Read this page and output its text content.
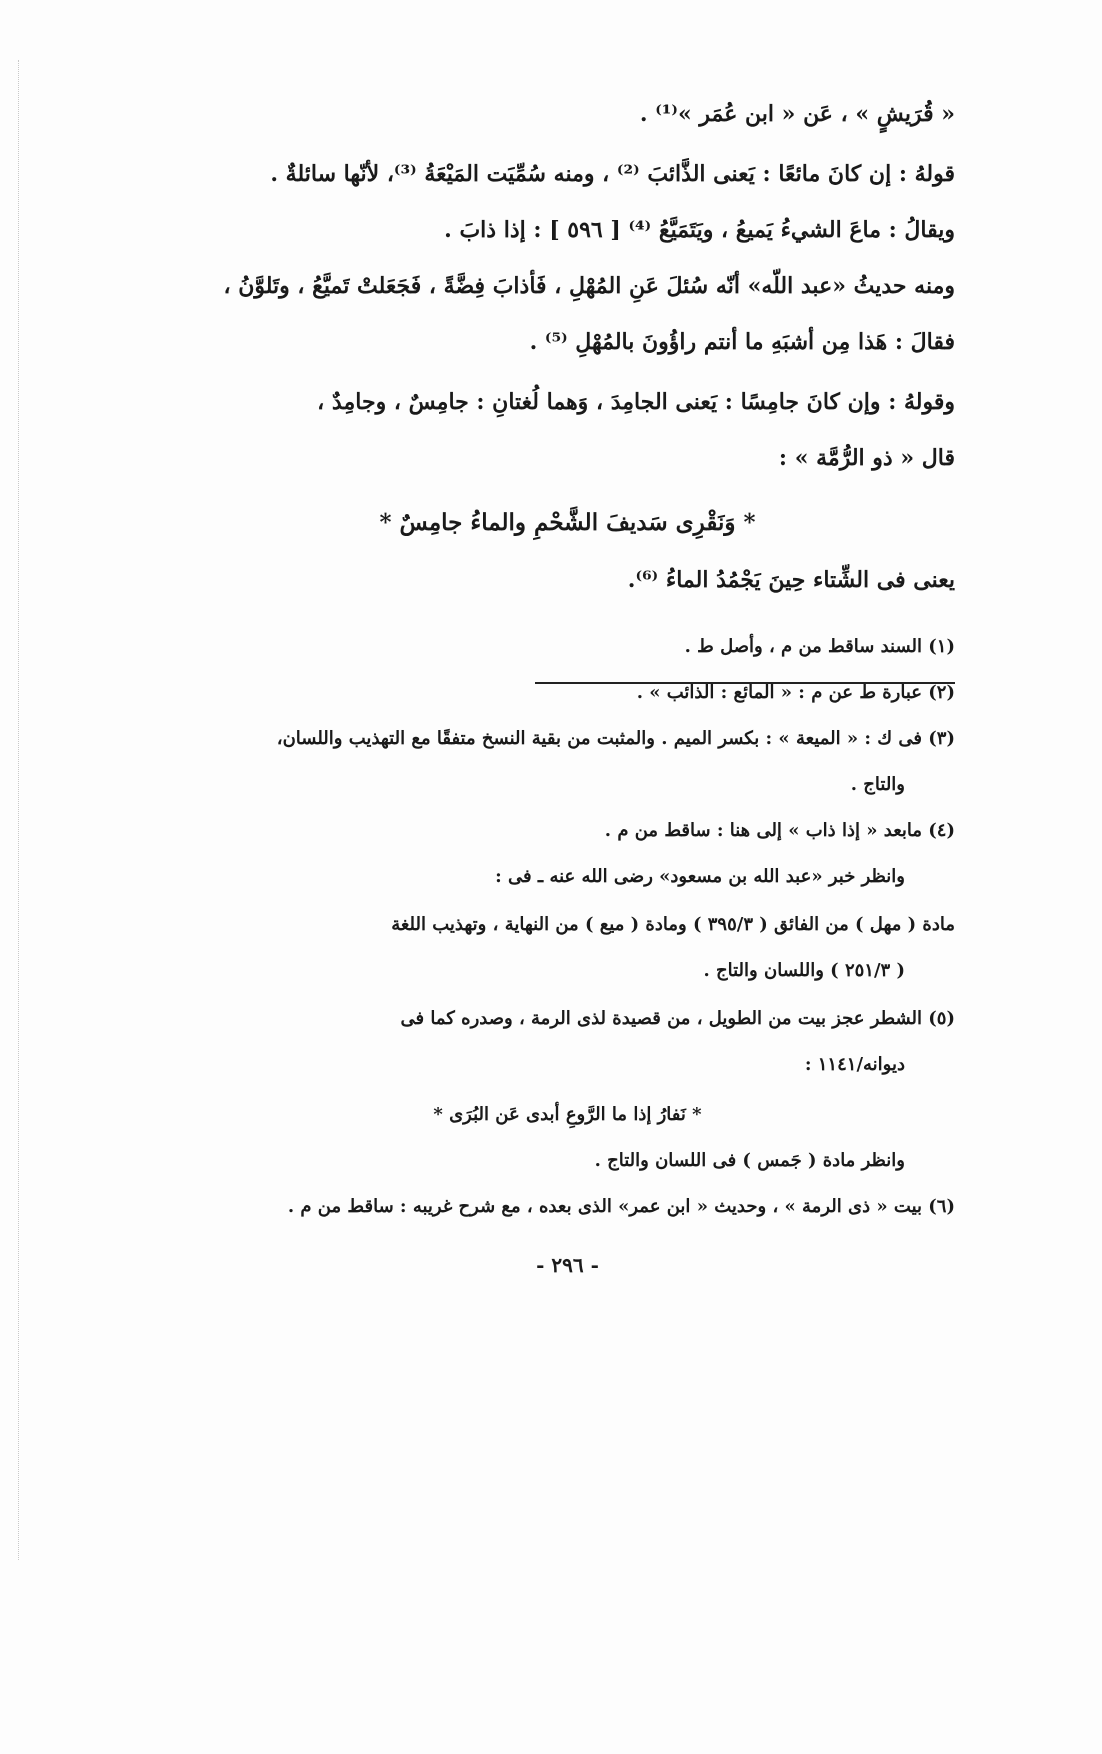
« قُرَيشٍ » ، عَن « ابن عُمَر »⁽¹⁾ .
قولهُ : إن كانَ مائعًا : يَعنى الذَّائبَ ⁽²⁾ ، ومنه سُمِّيَت المَيْعَةُ ⁽³⁾، لأنّها سائلةٌ .
ويقالُ : ماعَ الشيءُ يَميعُ ، ويَتَمَيَّعُ ⁽⁴⁾ [ ٥٩٦ ] : إذا ذابَ .
ومنه حديثُ «عبد اللّه» أنّه سُئلَ عَنِ المُهْلِ ، فَأذابَ فِضَّةً ، فَجَعَلتْ تَميَّعُ ، وتَلوَّنُ ،
فقالَ : هَذا مِن أشبَهِ ما أنتم راؤُونَ بالمُهْلِ ⁽⁵⁾ .
وقولهُ : وإن كانَ جامِسًا : يَعنى الجامِدَ ، وَهما لُغتانِ : جامِسٌ ، وجامِدٌ ،
قال « ذو الرُّمَّة » :
* وَنَقْرِى سَديفَ الشَّحْمِ والماءُ جامِسٌ *
يعنى فى الشِّتاء حِينَ يَجْمُدُ الماءُ ⁽⁶⁾.
(١) السند ساقط من م ، وأصل ط .
(٢) عبارة ط عن م : « المائع : الذائب » .
(٣) فى ك : « الميعة » : بكسر الميم . والمثبت من بقية النسخ متفقًا مع التهذيب واللسان،
والتاج .
(٤) مابعد « إذا ذاب » إلى هنا : ساقط من م .
وانظر خبر «عبد الله بن مسعود» رضى الله عنه ـ فى :
مادة ( مهل ) من الفائق ( ٣٩٥/٣ ) ومادة ( ميع ) من النهاية ، وتهذيب اللغة
( ٢٥١/٣ ) واللسان والتاج .
(٥) الشطر عجز بيت من الطويل ، من قصيدة لذى الرمة ، وصدره كما فى
ديوانه/١١٤١ :
* نَفارُ إذا ما الرَّوعِ أبدى عَن البُرَى *
وانظر مادة ( جَمس ) فى اللسان والتاج .
(٦) بيت « ذى الرمة » ، وحديث « ابن عمر» الذى بعده ، مع شرح غريبه : ساقط من م .
- ٢٩٦ -
